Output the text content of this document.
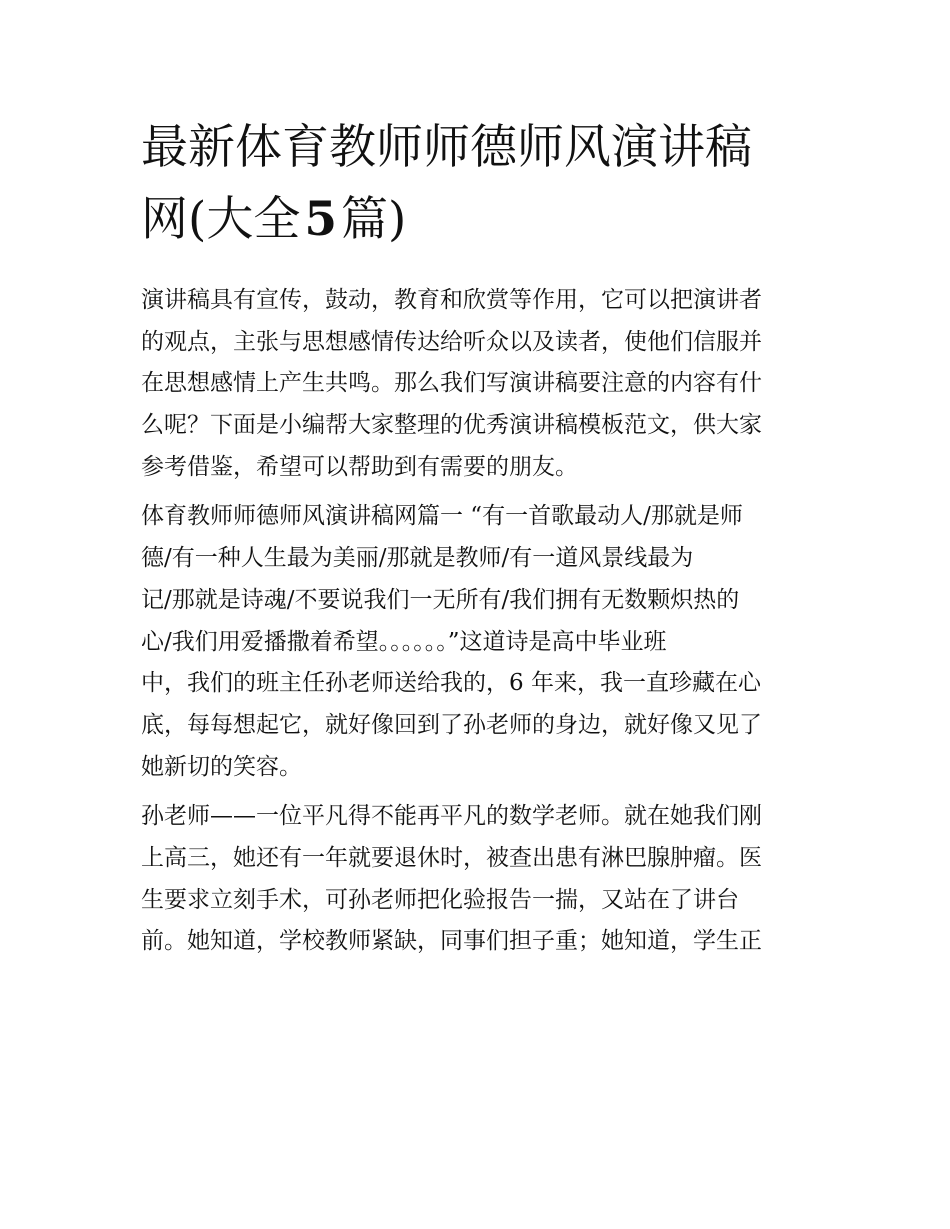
最新体育教师师德师风演讲稿
网(大全5篇)
演讲稿具有宣传，鼓动，教育和欣赏等作用，它可以把演讲者
的观点，主张与思想感情传达给听众以及读者，使他们信服并
在思想感情上产生共鸣。那么我们写演讲稿要注意的内容有什
么呢？下面是小编帮大家整理的优秀演讲稿模板范文，供大家
参考借鉴，希望可以帮助到有需要的朋友。
体育教师师德师风演讲稿网篇一 “有一首歌最动人/那就是师
德/有一种人生最为美丽/那就是教师/有一道风景线最为
记/那就是诗魂/不要说我们一无所有/我们拥有无数颗炽热的
心/我们用爱播撒着希望。。。。。。”这道诗是高中毕业班
中，我们的班主任孙老师送给我的，6 年来，我一直珍藏在心
底，每每想起它，就好像回到了孙老师的身边，就好像又见了
她新切的笑容。
孙老师——一位平凡得不能再平凡的数学老师。就在她我们刚
上高三，她还有一年就要退休时，被查出患有淋巴腺肿瘤。医
生要求立刻手术，可孙老师把化验报告一揣，又站在了讲台
前。她知道，学校教师紧缺，同事们担子重；她知道，学生正
